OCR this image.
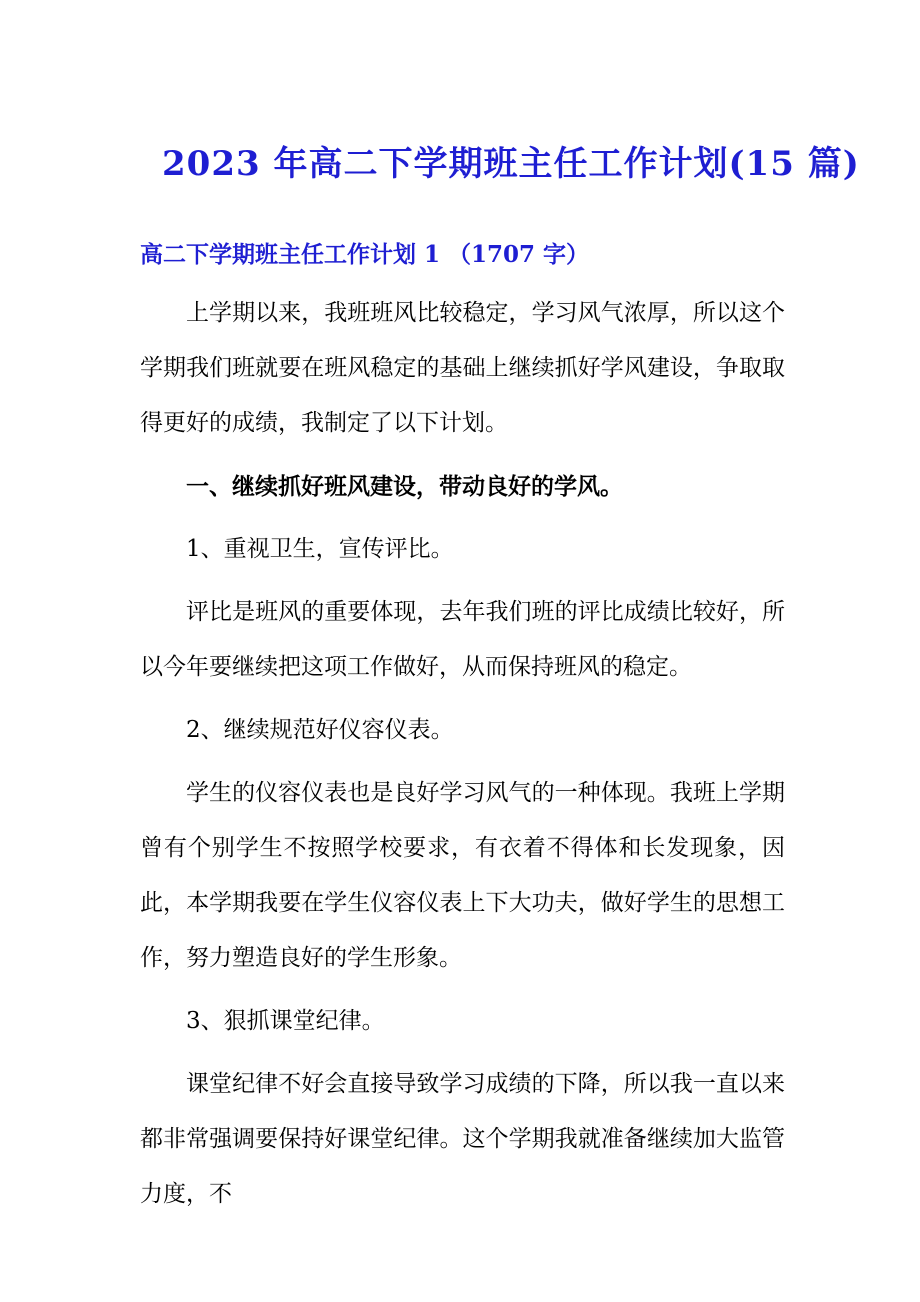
2023 年高二下学期班主任工作计划(15 篇)
高二下学期班主任工作计划 1 （1707 字）

上学期以来，我班班风比较稳定，学习风气浓厚，所以这个学期我们班就要在班风稳定的基础上继续抓好学风建设，争取取得更好的成绩，我制定了以下计划。

一、继续抓好班风建设，带动良好的学风。

1、重视卫生，宣传评比。

评比是班风的重要体现，去年我们班的评比成绩比较好，所以今年要继续把这项工作做好，从而保持班风的稳定。

2、继续规范好仪容仪表。

学生的仪容仪表也是良好学习风气的一种体现。我班上学期曾有个别学生不按照学校要求，有衣着不得体和长发现象，因此，本学期我要在学生仪容仪表上下大功夫，做好学生的思想工作，努力塑造良好的学生形象。

3、狠抓课堂纪律。

课堂纪律不好会直接导致学习成绩的下降，所以我一直以来都非常强调要保持好课堂纪律。这个学期我就准备继续加大监管力度，不
